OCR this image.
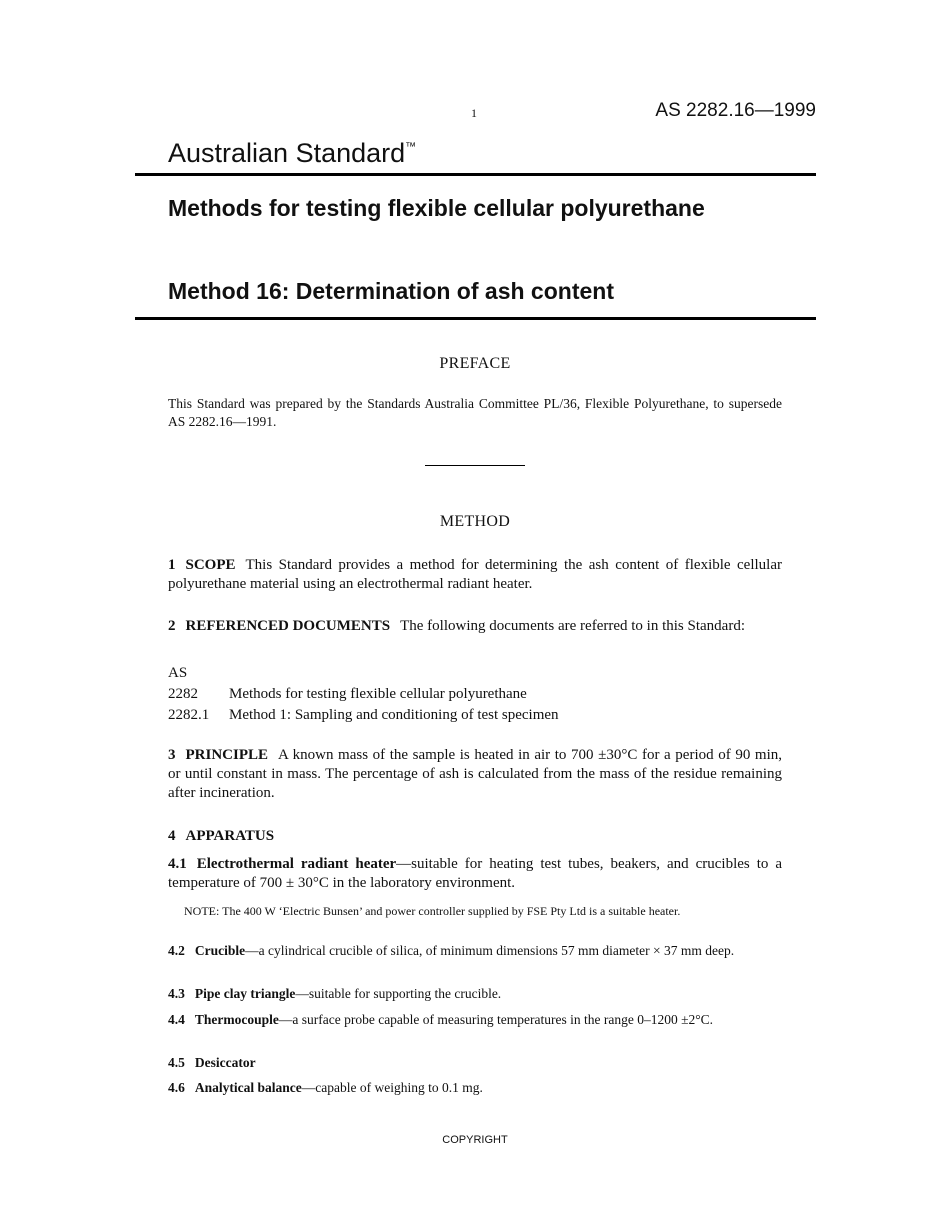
1	AS 2282.16—1999
Australian Standard™
Methods for testing flexible cellular polyurethane
Method 16: Determination of ash content
PREFACE
This Standard was prepared by the Standards Australia Committee PL/36, Flexible Polyurethane, to supersede AS 2282.16—1991.
METHOD
1 SCOPE This Standard provides a method for determining the ash content of flexible cellular polyurethane material using an electrothermal radiant heater.
2 REFERENCED DOCUMENTS The following documents are referred to in this Standard:
AS
2282 Methods for testing flexible cellular polyurethane
2282.1 Method 1: Sampling and conditioning of test specimen
3 PRINCIPLE A known mass of the sample is heated in air to 700 ±30°C for a period of 90 min, or until constant in mass. The percentage of ash is calculated from the mass of the residue remaining after incineration.
4 APPARATUS
4.1 Electrothermal radiant heater—suitable for heating test tubes, beakers, and crucibles to a temperature of 700 ± 30°C in the laboratory environment.
NOTE: The 400 W ‘Electric Bunsen’ and power controller supplied by FSE Pty Ltd is a suitable heater.
4.2 Crucible—a cylindrical crucible of silica, of minimum dimensions 57 mm diameter × 37 mm deep.
4.3 Pipe clay triangle—suitable for supporting the crucible.
4.4 Thermocouple—a surface probe capable of measuring temperatures in the range 0–1200 ±2°C.
4.5 Desiccator
4.6 Analytical balance—capable of weighing to 0.1 mg.
COPYRIGHT
